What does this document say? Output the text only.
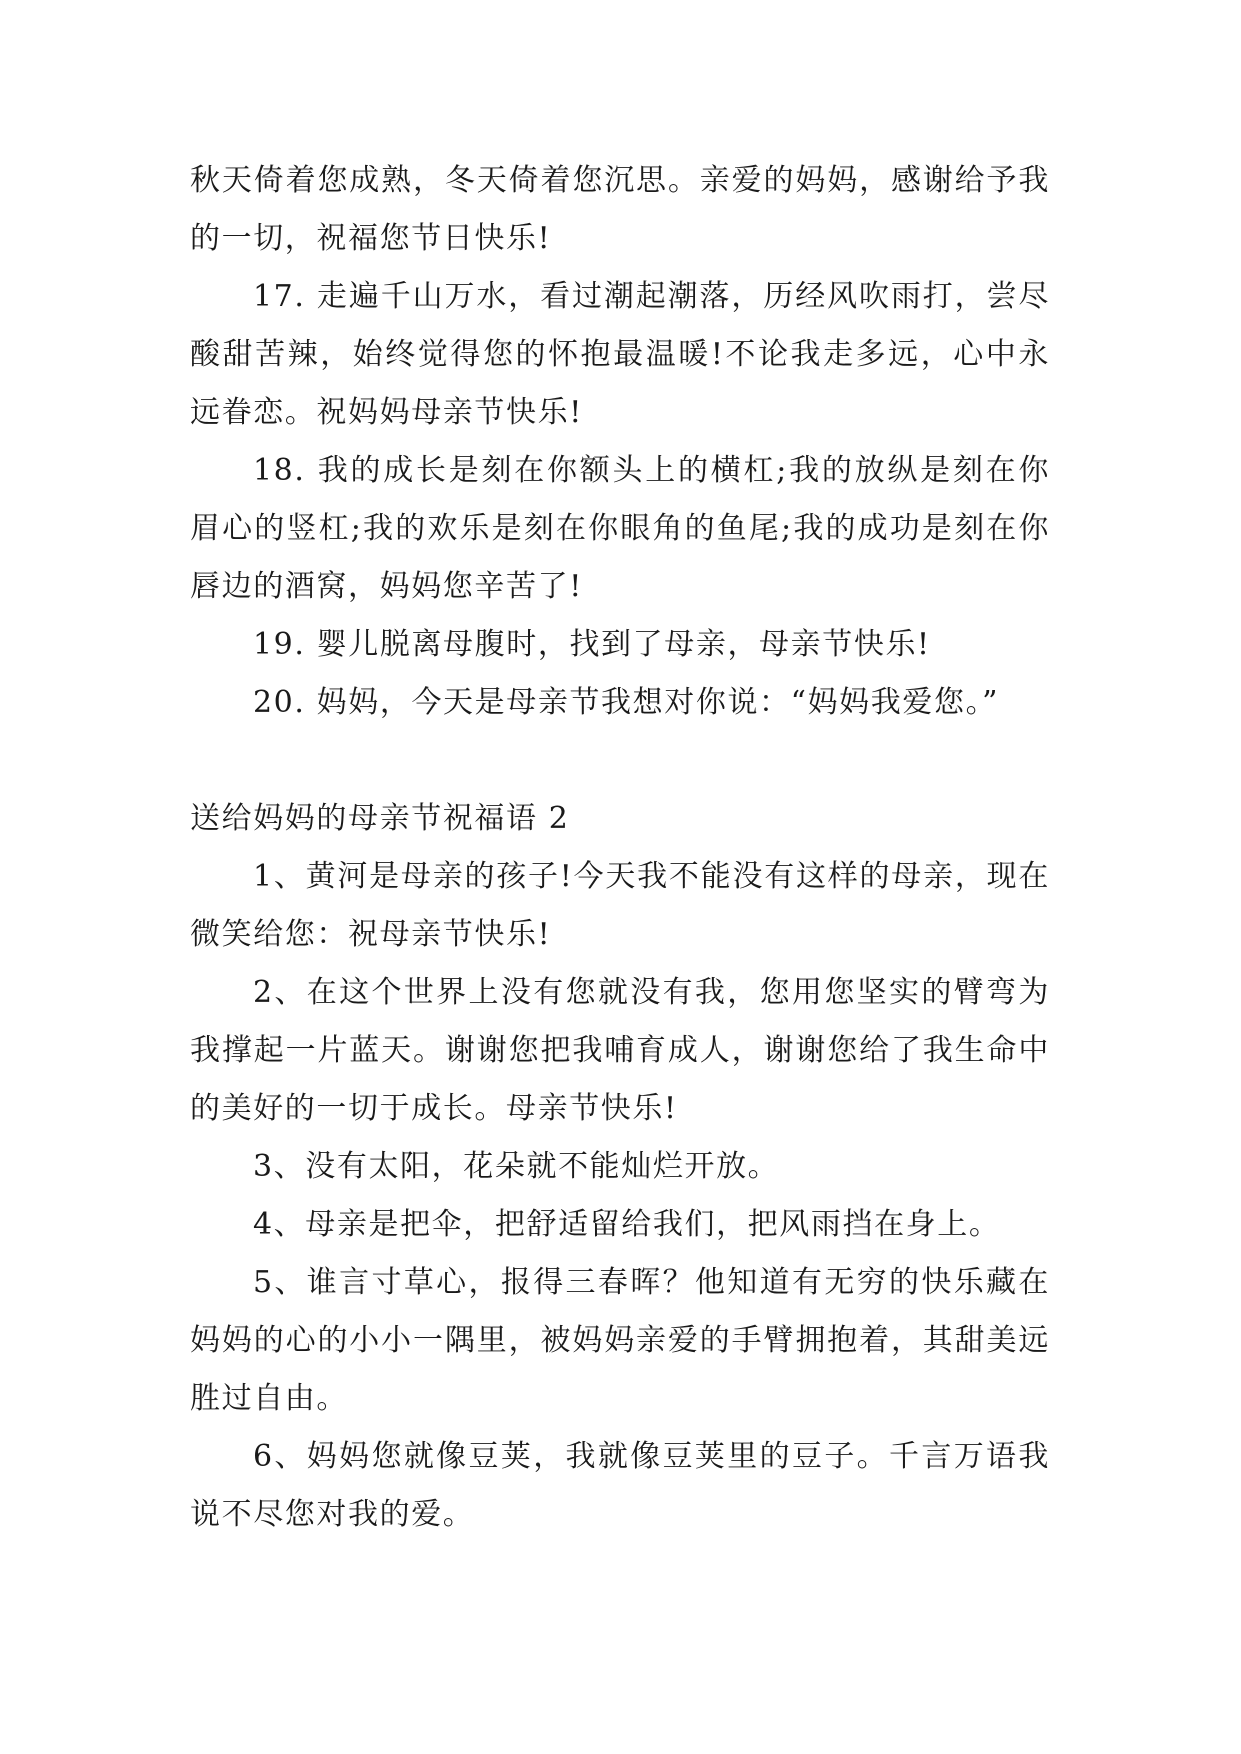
秋天倚着您成熟，冬天倚着您沉思。亲爱的妈妈，感谢给予我的一切，祝福您节日快乐!

17. 走遍千山万水，看过潮起潮落，历经风吹雨打，尝尽酸甜苦辣，始终觉得您的怀抱最温暖!不论我走多远，心中永远眷恋。祝妈妈母亲节快乐!

18. 我的成长是刻在你额头上的横杠;我的放纵是刻在你眉心的竖杠;我的欢乐是刻在你眼角的鱼尾;我的成功是刻在你唇边的酒窝，妈妈您辛苦了!

19. 婴儿脱离母腹时，找到了母亲，母亲节快乐!

20. 妈妈，今天是母亲节我想对你说：“妈妈我爱您。”

送给妈妈的母亲节祝福语 2

1、黄河是母亲的孩子!今天我不能没有这样的母亲，现在微笑给您：祝母亲节快乐!

2、在这个世界上没有您就没有我，您用您坚实的臂弯为我撑起一片蓝天。谢谢您把我哺育成人，谢谢您给了我生命中的美好的一切于成长。母亲节快乐!

3、没有太阳，花朵就不能灿烂开放。

4、母亲是把伞，把舒适留给我们，把风雨挡在身上。

5、谁言寸草心，报得三春晖？他知道有无穷的快乐藏在妈妈的心的小小一隅里，被妈妈亲爱的手臂拥抱着，其甜美远胜过自由。

6、妈妈您就像豆荚，我就像豆荚里的豆子。千言万语我说不尽您对我的爱。
